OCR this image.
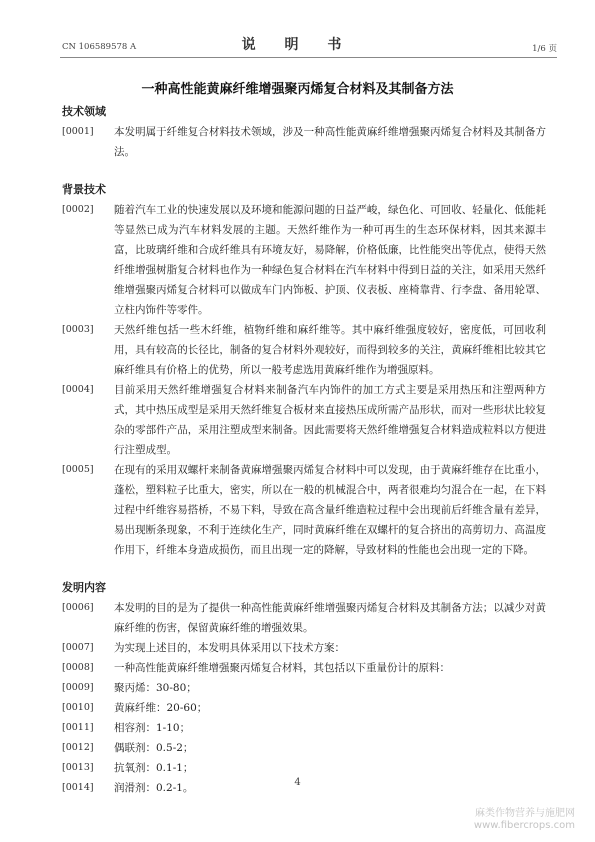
CN 106589578 A	说 明 书	1/6 页
一种高性能黄麻纤维增强聚丙烯复合材料及其制备方法
技术领域
[0001] 本发明属于纤维复合材料技术领域，涉及一种高性能黄麻纤维增强聚丙烯复合材料及其制备方法。
背景技术
[0002] 随着汽车工业的快速发展以及环境和能源问题的日益严峻，绿色化、可回收、轻量化、低能耗等显然已成为汽车材料发展的主题。天然纤维作为一种可再生的生态环保材料，因其来源丰富，比玻璃纤维和合成纤维具有环境友好，易降解，价格低廉，比性能突出等优点，使得天然纤维增强树脂复合材料也作为一种绿色复合材料在汽车材料中得到日益的关注，如采用天然纤维增强聚丙烯复合材料可以做成车门内饰板、护顶、仪表板、座椅靠背、行李盘、备用轮罩、立柱内饰件等零件。
[0003] 天然纤维包括一些木纤维，植物纤维和麻纤维等。其中麻纤维强度较好，密度低，可回收利用，具有较高的长径比，制备的复合材料外观较好，而得到较多的关注，黄麻纤维相比较其它麻纤维具有价格上的优势，所以一般考虑选用黄麻纤维作为增强原料。
[0004] 目前采用天然纤维增强复合材料来制备汽车内饰件的加工方式主要是采用热压和注塑两种方式，其中热压成型是采用天然纤维复合板材来直接热压成所需产品形状，而对一些形状比较复杂的零部件产品，采用注塑成型来制备。因此需要将天然纤维增强复合材料造成粒料以方便进行注塑成型。
[0005] 在现有的采用双螺杆来制备黄麻增强聚丙烯复合材料中可以发现，由于黄麻纤维存在比重小，蓬松，塑料粒子比重大，密实，所以在一般的机械混合中，两者很难均匀混合在一起，在下料过程中纤维容易搭桥，不易下料，导致在高含量纤维造粒过程中会出现前后纤维含量有差异，易出现断条现象，不利于连续化生产，同时黄麻纤维在双螺杆的复合挤出的高剪切力、高温度作用下，纤维本身造成损伤，而且出现一定的降解，导致材料的性能也会出现一定的下降。
发明内容
[0006] 本发明的目的是为了提供一种高性能黄麻纤维增强聚丙烯复合材料及其制备方法；以减少对黄麻纤维的伤害，保留黄麻纤维的增强效果。
[0007] 为实现上述目的，本发明具体采用以下技术方案：
[0008] 一种高性能黄麻纤维增强聚丙烯复合材料，其包括以下重量份计的原料：
[0009] 聚丙烯：30-80；
[0010] 黄麻纤维：20-60；
[0011] 相容剂：1-10；
[0012] 偶联剂：0.5-2；
[0013] 抗氧剂：0.1-1；
[0014] 润滑剂：0.2-1。	4
麻类作物营养与施肥网
www.fibercrops.com
